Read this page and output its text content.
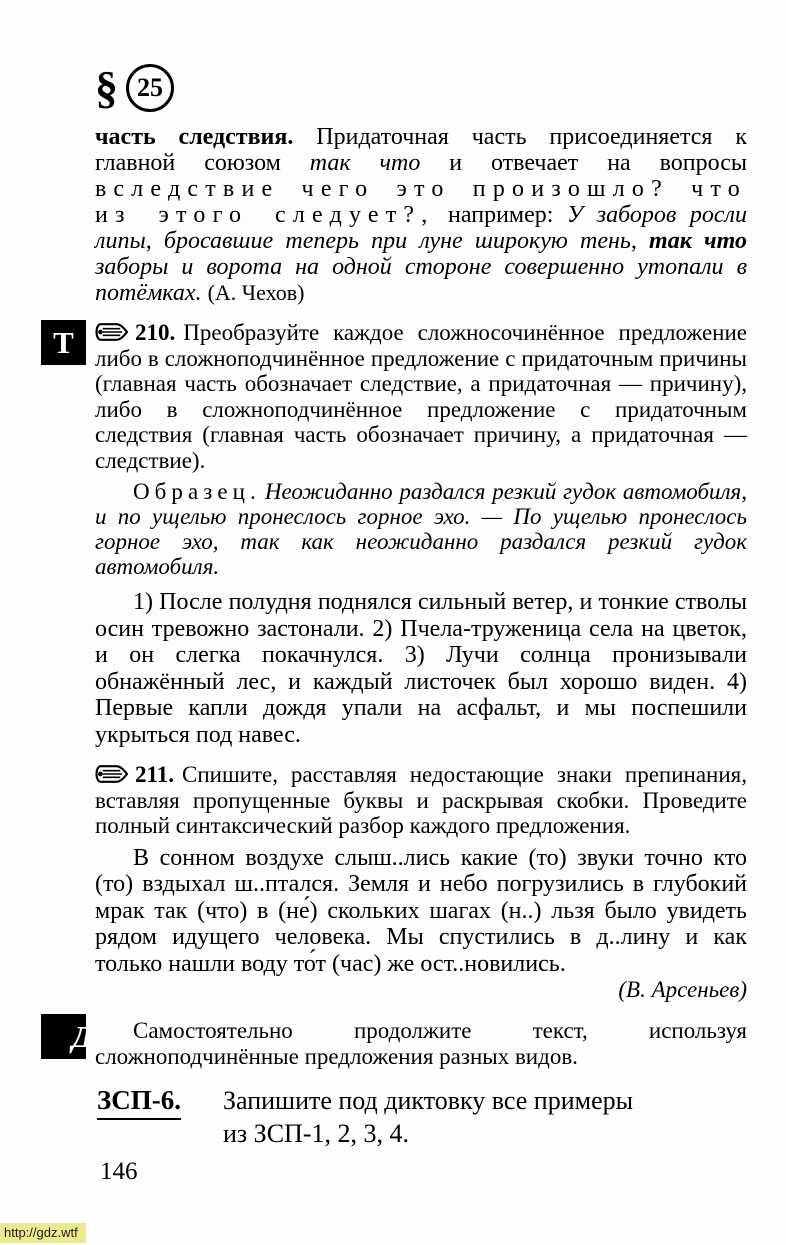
§ 25

часть следствия. Придаточная часть присоединяется к главной союзом так что и отвечает на вопросы вследствие чего это произошло? что из этого следует?, например: У заборов росли липы, бросавшие теперь при луне широкую тень, так что заборы и ворота на одной стороне совершенно утопали в потёмках. (А. Чехов)

Т	210. Преобразуйте каждое сложносочинённое предложение либо в сложноподчинённое предложение с придаточным причины (главная часть обозначает следствие, а придаточная — причину), либо в сложноподчинённое предложение с придаточным следствия (главная часть обозначает причину, а придаточная — следствие).

Образец. Неожиданно раздался резкий гудок автомобиля, и по ущелью пронеслось горное эхо. — По ущелью пронеслось горное эхо, так как неожиданно раздался резкий гудок автомобиля.

1) После полудня поднялся сильный ветер, и тонкие стволы осин тревожно застонали. 2) Пчела-труженица села на цветок, и он слегка покачнулся. 3) Лучи солнца пронизывали обнажённый лес, и каждый листочек был хорошо виден. 4) Первые капли дождя упали на асфальт, и мы поспешили укрыться под навес.

211. Спишите, расставляя недостающие знаки препинания, вставляя пропущенные буквы и раскрывая скобки. Проведите полный синтаксический разбор каждого предложения.

В сонном воздухе слыш..лись какие (то) звуки точно кто (то) вздыхал ш..птался. Земля и небо погрузились в глубокий мрак так (что) в (не́) скольких шагах (н..) льзя было увидеть рядом идущего человека. Мы спустились в д..лину и как только нашли воду то́т (час) же ост..новились.

(В. Арсеньев)

Д Самостоятельно продолжите текст, используя сложноподчинённые предложения разных видов.

ЗСП-6. Запишите под диктовку все примеры
из ЗСП-1, 2, 3, 4.
146
http://gdz.wtf
